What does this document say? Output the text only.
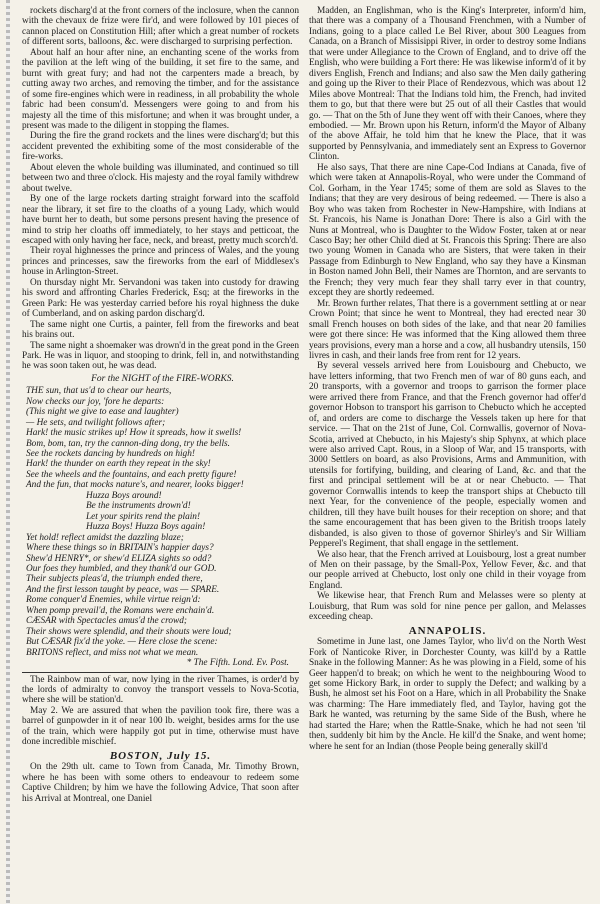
rockets discharg'd at the front corners of the inclosure, when the cannon with the chevaux de frize were fir'd, and were followed by 101 pieces of cannon placed on Constitution Hill; after which a great number of rockets of different sorts, balloons, &c. were discharged to surprising perfection.

About half an hour after nine, an enchanting scene of the works from the pavilion at the left wing of the building, it set fire to the same, and burnt with great fury; and had not the carpenters made a breach, by cutting away two arches, and removing the timber, and for the assistance of some fire-engines which were in readiness, in all probability the whole fabric had been consum'd. Messengers were going to and from his majesty all the time of this misfortune; and when it was brought under, a present was made to the diligent in stopping the flames.

During the fire the grand rockets and the lines were discharg'd; but this accident prevented the exhibiting some of the most considerable of the fire-works.

About eleven the whole building was illuminated, and continued so till between two and three o'clock. His majesty and the royal family withdrew about twelve.

By one of the large rockets darting straight forward into the scaffold near the library, it set fire to the cloaths of a young Lady, which would have burnt her to death, but some persons present having the presence of mind to strip her cloaths off immediately, to her stays and petticoat, the escaped with only having her face, neck, and breast, pretty much scorch'd.

Their royal highnesses the prince and princess of Wales, and the young princes and princesses, saw the fireworks from the earl of Middlesex's house in Arlington-Street.

On thursday night Mr. Servandoni was taken into custody for drawing his sword and affronting Charles Frederick, Esq; at the fireworks in the Green Park: He was yesterday carried before his royal highness the duke of Cumberland, and on asking pardon discharg'd.

The same night one Curtis, a painter, fell from the fireworks and beat his brains out.

The same night a shoemaker was drown'd in the great pond in the Green Park. He was in liquor, and stooping to drink, fell in, and notwithstanding he was soon taken out, he was dead.

For the NIGHT of the FIRE-WORKS.
THE sun, that us'd to chear our hearts,
Now checks our joy, 'fore he departs:
(This night we give to ease and laughter)
— He sets, and twilight follows after;
Hark! the music strikes up! How it spreads, how it swells!
Bom, bom, tan, try the cannon-ding dong, try the bells.
See the rockets dancing by hundreds on high!
Hark! the thunder on earth they repeat in the sky!
See the wheels and the fountains, and each pretty figure!
And the fun, that mocks nature's, and nearer, looks bigger!
Huzza Boys around!
Be the instruments drown'd!
Let your spirits rend the plain!
Huzza Boys! Huzza Boys again!
Yet hold! reflect amidst the dazzling blaze;
Where these things so in BRITAIN's happier days?
Shew'd HENRY*, or shew'd ELIZA sights so odd?
Our foes they humbled, and they thank'd our GOD.
Their subjects pleas'd, the triumph ended there,
And the first lesson taught by peace, was — SPARE.
Rome conquer'd Enemies, while virtue reign'd:
When pomp prevail'd, the Romans were enchain'd.
CÆSAR with Spectacles amus'd the crowd;
Their shows were splendid, and their shouts were loud;
But CÆSAR fix'd the yoke. — Here close the scene:
BRITONS reflect, and miss not what we mean.
* The Fifth. Lond. Ev. Post.

The Rainbow man of war, now lying in the river Thames, is order'd by the lords of admiralty to convoy the transport vessels to Nova-Scotia, where she will be station'd.

May 2. We are assured that when the pavilion took fire, there was a barrel of gunpowder in it of near 100 lb. weight, besides arms for the use of the train, which were happily got put in time, otherwise must have done incredible mischief.

BOSTON, July 15.

On the 29th ult. came to Town from Canada, Mr. Timothy Brown, where he has been with some others to endeavour to redeem some Captive Children; by him we have the following Advice, That soon after his Arrival at Montreal, one Daniel

Madden, an Englishman, who is the King's Interpreter, inform'd him, that there was a company of a Thousand Frenchmen, with a Number of Indians, going to a place called Le Bel River, about 300 Leagues from Canada, on a Branch of Missisippi River, in order to destroy some Indians that were under Allegiance to the Crown of England, and to drive off the English, who were building a Fort there: He was likewise inform'd of it by divers English, French and Indians; and also saw the Men daily gathering and going up the River to their Place of Rendezvous, which was about 12 Miles above Montreal: That the Indians told him, the French, had invited them to go, but that there were but 25 out of all their Castles that would go. — That on the 5th of June they went off with their Canoes, where they embodied. — Mr. Brown upon his Return, inform'd the Mayor of Albany of the above Affair, he told him that he knew the Place, that it was supported by Pennsylvania, and immediately sent an Express to Governor Clinton.

He also says, That there are nine Cape-Cod Indians at Canada, five of which were taken at Annapolis-Royal, who were under the Command of Col. Gorham, in the Year 1745; some of them are sold as Slaves to the Indians; that they are very desirous of being redeemed. — There is also a Boy who was taken from Rochester in New-Hampshire, with Indians at St. Francois, his Name is Jonathan Dore: There is also a Girl with the Nuns at Montreal, who is Daughter to the Widow Foster, taken at or near Casco Bay; her other Child died at St. Francois this Spring: There are also two young Women in Canada who are Sisters, that were taken in their Passage from Edinburgh to New England, who say they have a Kinsman in Boston named John Bell, their Names are Thornton, and are servants to the French; they very much fear they shall tarry ever in that country, except they are shortly redeemed.

Mr. Brown further relates, That there is a government settling at or near Crown Point; that since he went to Montreal, they had erected near 30 small French houses on both sides of the lake, and that near 20 families were got there since: He was informed that the King allowed them three years provisions, every man a horse and a cow, all husbandry utensils, 150 livres in cash, and their lands free from rent for 12 years.

By several vessels arrived here from Louisbourg and Chebucto, we have letters informing, that two French men of war of 80 guns each, and 20 transports, with a governor and troops to garrison the former place were arrived there from France, and that the French governor had offer'd governor Hobson to transport his garrison to Chebucto which he accepted of, and orders are come to discharge the Vessels taken up here for that service. — That on the 21st of June, Col. Cornwallis, governor of Nova-Scotia, arrived at Chebucto, in his Majesty's ship Sphynx, at which place were also arrived Capt. Rous, in a Sloop of War, and 15 transports, with 3000 Settlers on board, as also Provisions, Arms and Ammunition, with utensils for fortifying, building, and clearing of Land, &c. and that the first and principal settlement will be at or near Chebucto. — That governor Cornwallis intends to keep the transport ships at Chebucto till next Year, for the convenience of the people, especially women and children, till they have built houses for their reception on shore; and that the same encouragement that has been given to the British troops lately disbanded, is also given to those of governor Shirley's and Sir William Pepperel's Regiment, that shall engage in the settlement.

We also hear, that the French arrived at Louisbourg, lost a great number of Men on their passage, by the Small-Pox, Yellow Fever, &c. and that our people arrived at Chebucto, lost only one child in their voyage from England.

We likewise hear, that French Rum and Melasses were so plenty at Louisburg, that Rum was sold for nine pence per gallon, and Melasses exceeding cheap.

ANNAPOLIS.

Sometime in June last, one James Taylor, who liv'd on the North West Fork of Nanticoke River, in Dorchester County, was kill'd by a Rattle Snake in the following Manner: As he was plowing in a Field, some of his Geer happen'd to break; on which he went to the neighbouring Wood to get some Hickory Bark, in order to supply the Defect; and walking by a Bush, he almost set his Foot on a Hare, which in all Probability the Snake was charming: The Hare immediately fled, and Taylor, having got the Bark he wanted, was returning by the same Side of the Bush, where he had started the Hare; when the Rattle-Snake, which he had not seen 'til then, suddenly bit him by the Ancle. He kill'd the Snake, and went home; where he sent for an Indian (those People being generally skill'd
